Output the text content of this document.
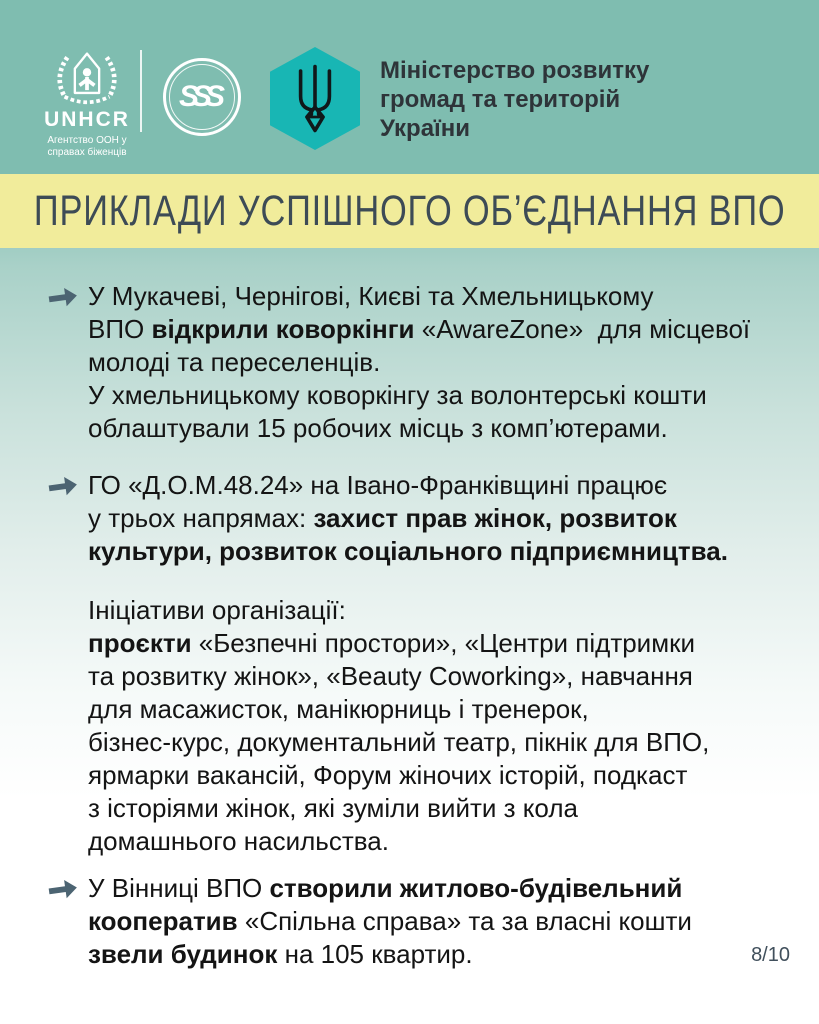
UNHCR
Агентство ООН у
справах біженців
SSS
Міністерство розвитку
громад та територій
України
ПРИКЛАДИ УСПІШНОГО ОБ’ЄДНАННЯ ВПО
У Мукачеві, Чернігові, Києві та Хмельницькому
ВПО відкрили коворкінги «AwareZone»  для місцевої
молоді та переселенців.
У хмельницькому коворкінгу за волонтерські кошти
облаштували 15 робочих місць з комп’ютерами.
ГО «Д.О.М.48.24» на Івано-Франківщині працює
у трьох напрямах: захист прав жінок, розвиток
культури, розвиток соціального підприємництва.
Ініціативи організації:
проєкти «Безпечні простори», «Центри підтримки
та розвитку жінок», «Beauty Coworking», навчання
для масажисток, манікюрниць і тренерок,
бізнес-курс, документальний театр, пікнік для ВПО,
ярмарки вакансій, Форум жіночих історій, подкаст
з історіями жінок, які зуміли вийти з кола
домашнього насильства.
У Вінниці ВПО створили житлово-будівельний
кооператив «Спільна справа» та за власні кошти
звели будинок на 105 квартир.	8/10
